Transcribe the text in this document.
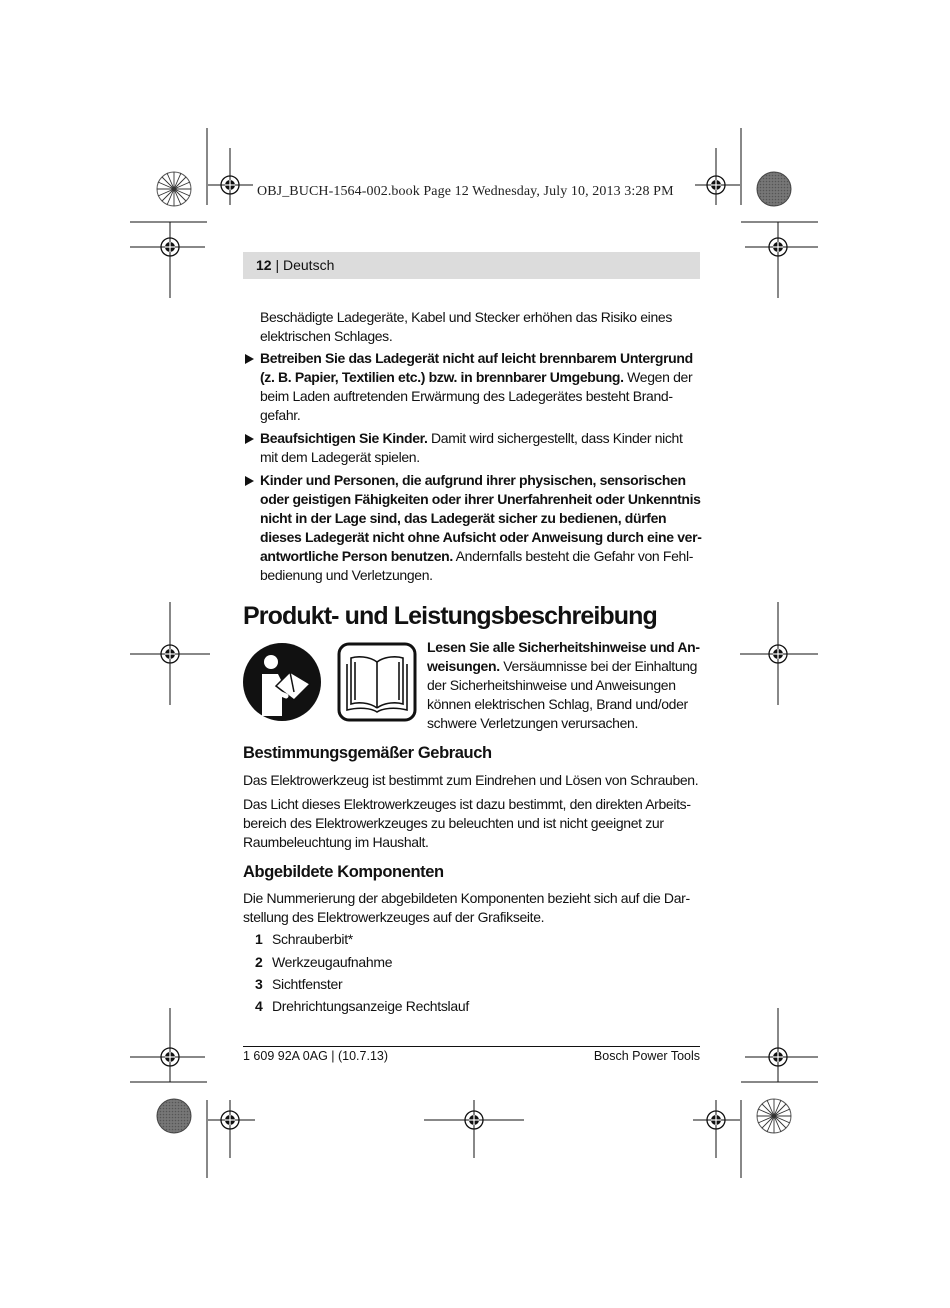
OBJ_BUCH-1564-002.book Page 12 Wednesday, July 10, 2013 3:28 PM
12 | Deutsch
Beschädigte Ladegeräte, Kabel und Stecker erhöhen das Risiko eines elektrischen Schlages.
Betreiben Sie das Ladegerät nicht auf leicht brennbarem Untergrund (z. B. Papier, Textilien etc.) bzw. in brennbarer Umgebung. Wegen der beim Laden auftretenden Erwärmung des Ladegerätes besteht Brandgefahr.
Beaufsichtigen Sie Kinder. Damit wird sichergestellt, dass Kinder nicht mit dem Ladegerät spielen.
Kinder und Personen, die aufgrund ihrer physischen, sensorischen oder geistigen Fähigkeiten oder ihrer Unerfahrenheit oder Unkenntnis nicht in der Lage sind, das Ladegerät sicher zu bedienen, dürfen dieses Ladegerät nicht ohne Aufsicht oder Anweisung durch eine verantwortliche Person benutzen. Andernfalls besteht die Gefahr von Fehlbedienung und Verletzungen.
Produkt- und Leistungsbeschreibung
Lesen Sie alle Sicherheitshinweise und Anweisungen. Versäumnisse bei der Einhaltung der Sicherheitshinweise und Anweisungen können elektrischen Schlag, Brand und/oder schwere Verletzungen verursachen.
Bestimmungsgemäßer Gebrauch
Das Elektrowerkzeug ist bestimmt zum Eindrehen und Lösen von Schrauben.
Das Licht dieses Elektrowerkzeuges ist dazu bestimmt, den direkten Arbeitsbereich des Elektrowerkzeuges zu beleuchten und ist nicht geeignet zur Raumbeleuchtung im Haushalt.
Abgebildete Komponenten
Die Nummerierung der abgebildeten Komponenten bezieht sich auf die Darstellung des Elektrowerkzeuges auf der Grafikseite.
1 Schrauberbit*
2 Werkzeugaufnahme
3 Sichtfenster
4 Drehrichtungsanzeige Rechtslauf
1 609 92A 0AG | (10.7.13)	Bosch Power Tools
